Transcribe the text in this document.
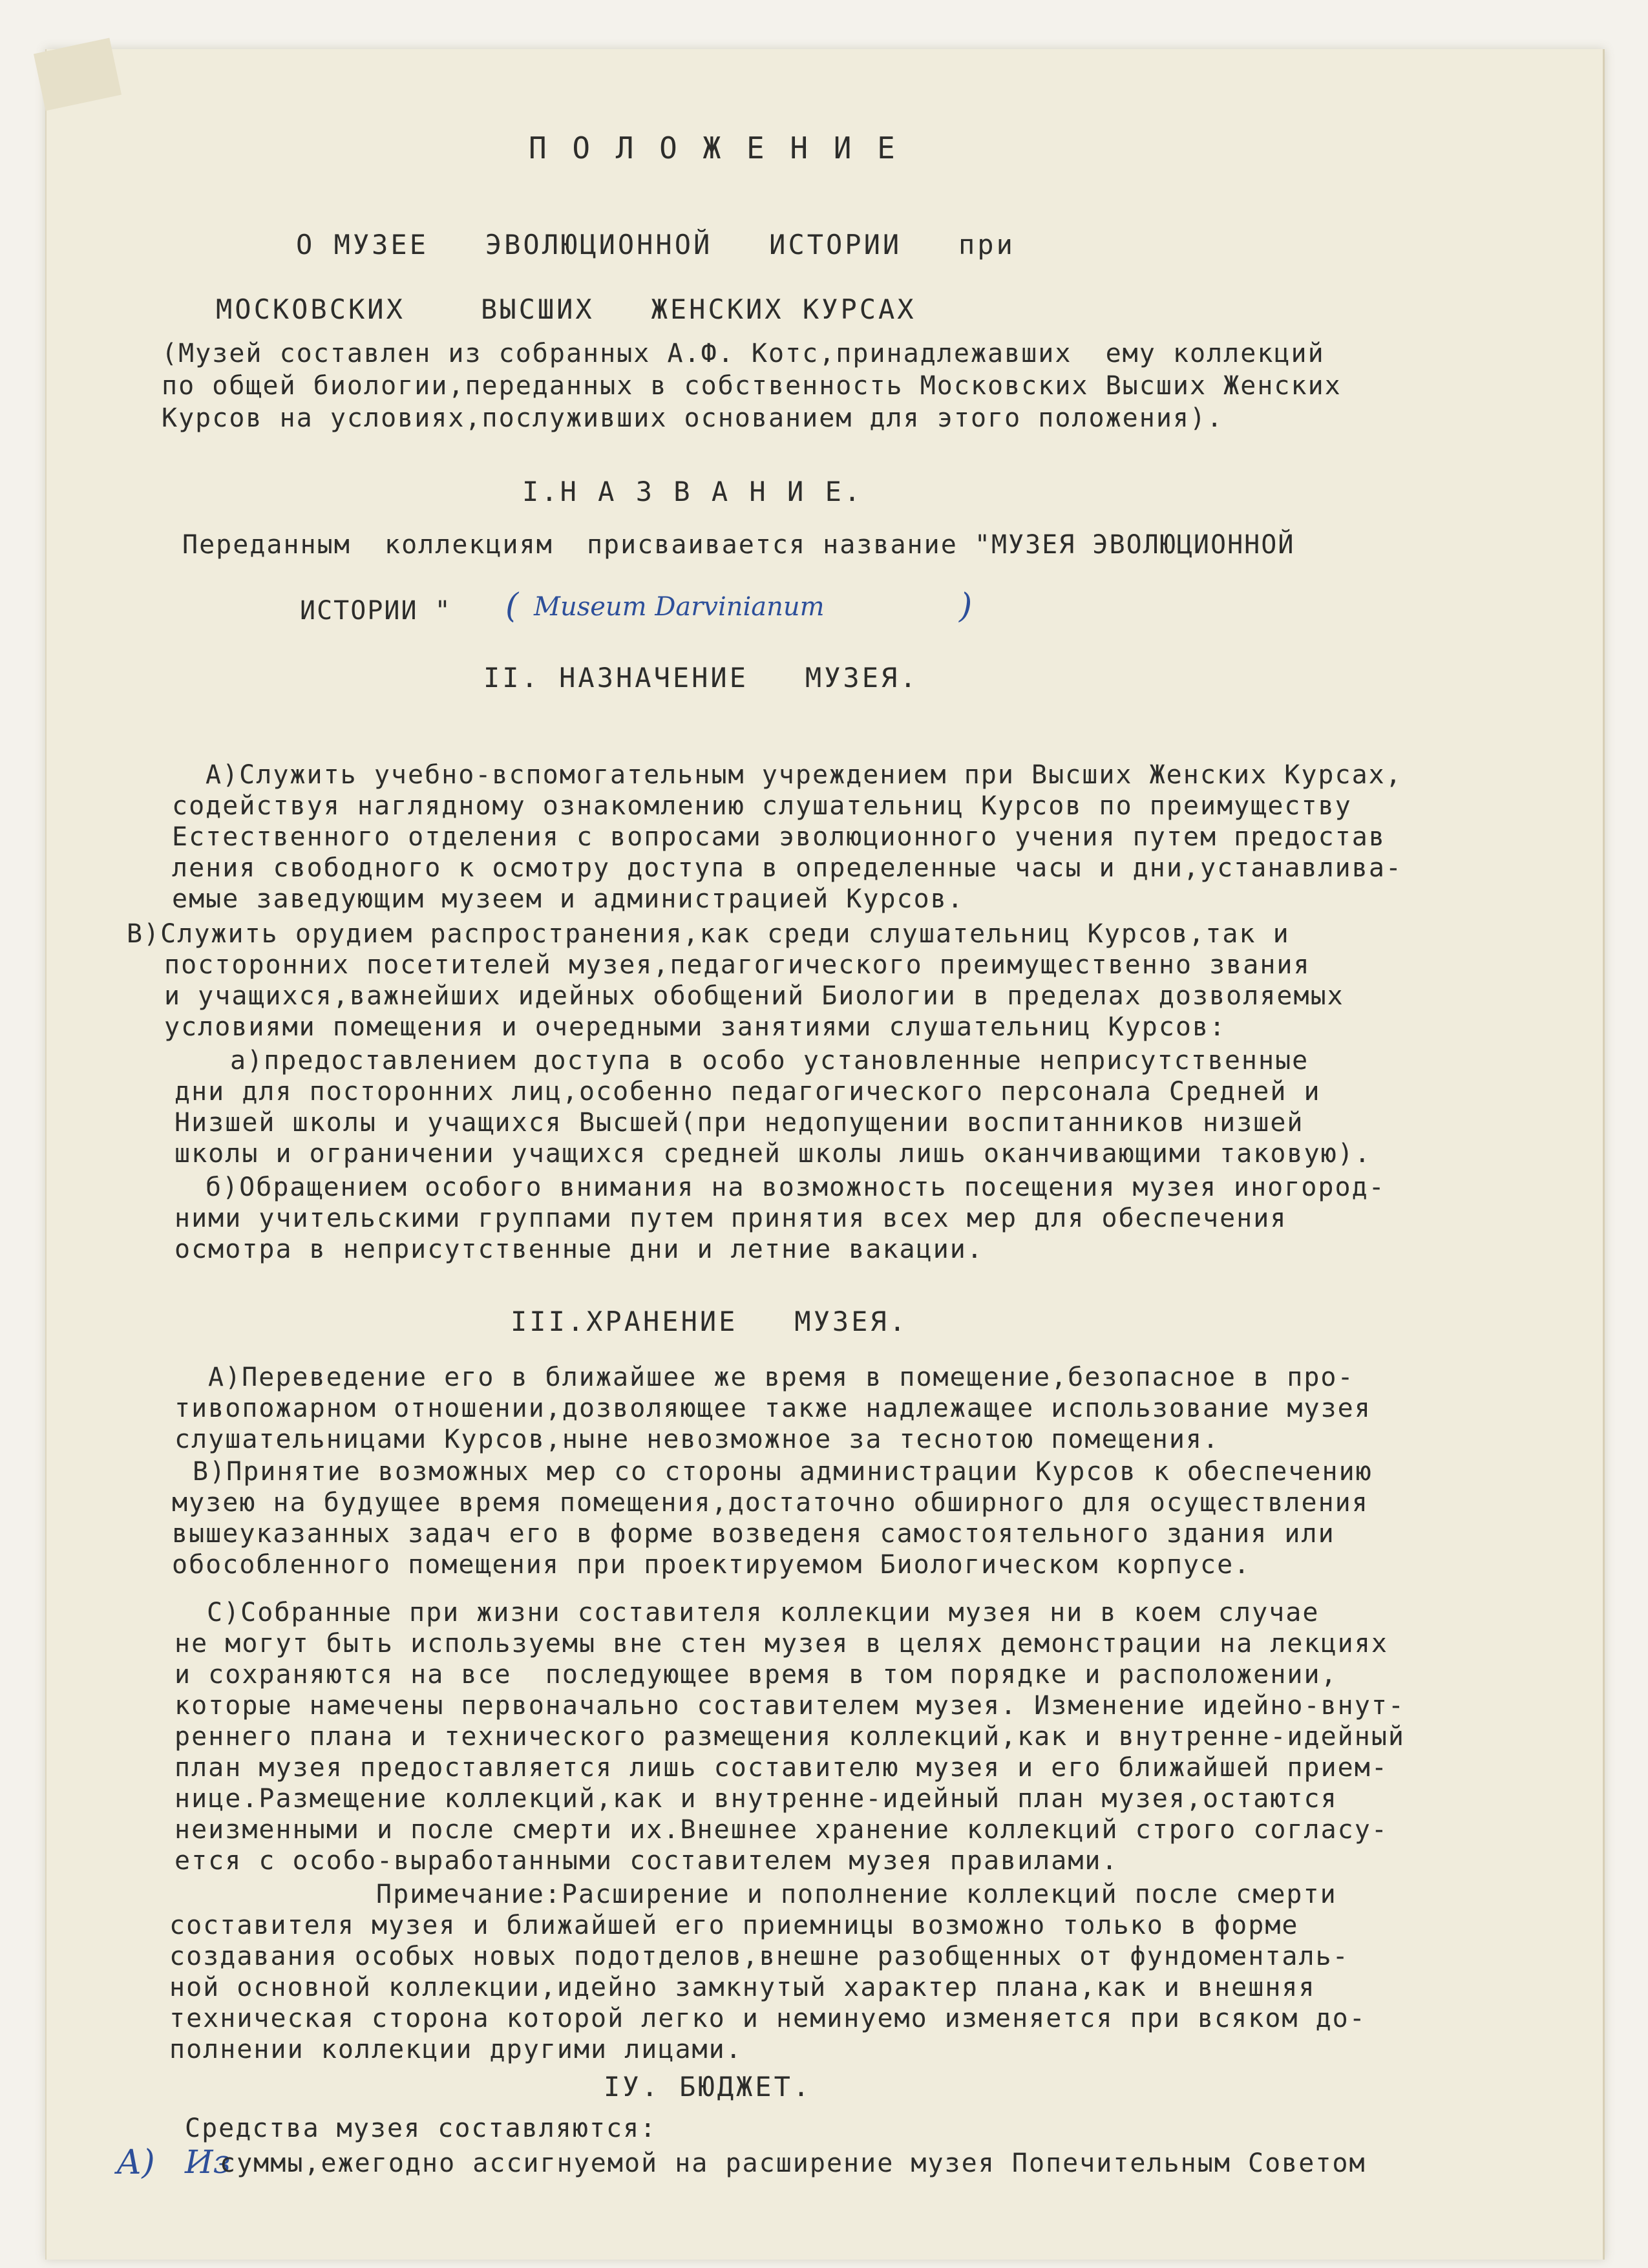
П О Л О Ж Е Н И Е
О МУЗЕЕ   ЭВОЛЮЦИОННОЙ   ИСТОРИИ   при
МОСКОВСКИХ    ВЫСШИХ   ЖЕНСКИХ КУРСАХ
(Музей составлен из собранных А.Ф. Котс,принадлежавших  ему коллекций
по общей биологии,переданных в собственность Московских Высших Женских
Курсов на условиях,послуживших основанием для этого положения).
I.Н А З В А Н И Е.
Переданным  коллекциям  присваивается название "МУЗЕЯ ЭВОЛЮЦИОННОЙ
ИСТОРИИ " ( Museum Darvinianum	)
II. НАЗНАЧЕНИЕ   МУЗЕЯ.
А)Служить учебно-вспомогательным учреждением при Высших Женских Курсах,
содействуя наглядному ознакомлению слушательниц Курсов по преимуществу
Естественного отделения с вопросами эволюционного учения путем предостав
ления свободного к осмотру доступа в определенные часы и дни,устанавлива-
емые заведующим музеем и администрацией Курсов.
В)Служить орудием распространения,как среди слушательниц Курсов,так и
посторонних посетителей музея,педагогического преимущественно звания
и учащихся,важнейших идейных обобщений Биологии в пределах дозволяемых
условиями помещения и очередными занятиями слушательниц Курсов:
а)предоставлением доступа в особо установленные неприсутственные
дни для посторонних лиц,особенно педагогического персонала Средней и
Низшей школы и учащихся Высшей(при недопущении воспитанников низшей
школы и ограничении учащихся средней школы лишь оканчивающими таковую).
б)Обращением особого внимания на возможность посещения музея иногород-
ними учительскими группами путем принятия всех мер для обеспечения
осмотра в неприсутственные дни и летние вакации.
III.ХРАНЕНИЕ   МУЗЕЯ.
А)Переведение его в ближайшее же время в помещение,безопасное в про-
тивопожарном отношении,дозволяющее также надлежащее использование музея
слушательницами Курсов,ныне невозможное за теснотою помещения.
В)Принятие возможных мер со стороны администрации Курсов к обеспечению
музею на будущее время помещения,достаточно обширного для осуществления
вышеуказанных задач его в форме возведеня самостоятельного здания или
обособленного помещения при проектируемом Биологическом корпусе.
С)Собранные при жизни составителя коллекции музея ни в коем случае
не могут быть используемы вне стен музея в целях демонстрации на лекциях
и сохраняются на все  последующее время в том порядке и расположении,
которые намечены первоначально составителем музея. Изменение идейно-внут-
реннего плана и технического размещения коллекций,как и внутренне-идейный
план музея предоставляется лишь составителю музея и его ближайшей прием-
нице.Размещение коллекций,как и внутренне-идейный план музея,остаются
неизменными и после смерти их.Внешнее хранение коллекций строго согласу-
ется с особо-выработанными составителем музея правилами.
Примечание:Расширение и пополнение коллекций после смерти
составителя музея и ближайшей его приемницы возможно только в форме
создавания особых новых подотделов,внешне разобщенных от фундоменталь-
ной основной коллекции,идейно замкнутый характер плана,как и внешняя
техническая сторона которой легко и неминуемо изменяется при всяком до-
полнении коллекции другими лицами.
IУ. БЮДЖЕТ.
Средства музея составляются:
А) Из
суммы,ежегодно ассигнуемой на расширение музея Попечительным Советом
